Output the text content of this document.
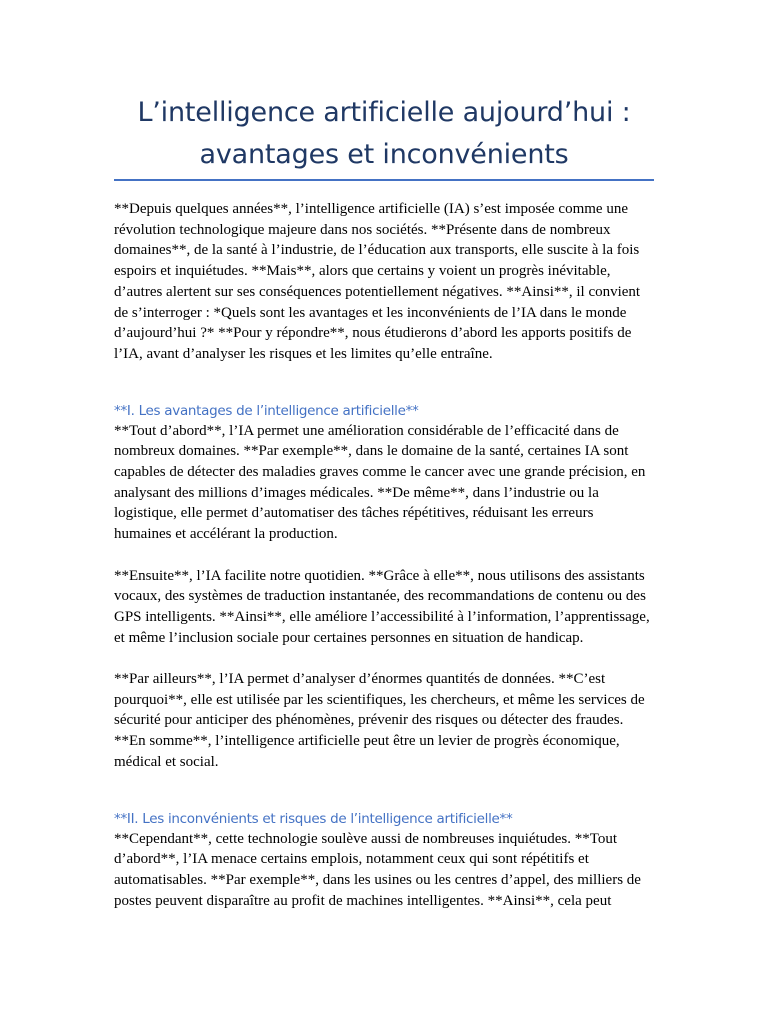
L’intelligence artificielle aujourd’hui :
avantages et inconvénients

**Depuis quelques années**, l’intelligence artificielle (IA) s’est imposée comme une révolution technologique majeure dans nos sociétés. **Présente dans de nombreux domaines**, de la santé à l’industrie, de l’éducation aux transports, elle suscite à la fois espoirs et inquiétudes. **Mais**, alors que certains y voient un progrès inévitable, d’autres alertent sur ses conséquences potentiellement négatives. **Ainsi**, il convient de s’interroger : *Quels sont les avantages et les inconvénients de l’IA dans le monde d’aujourd’hui ?* **Pour y répondre**, nous étudierons d’abord les apports positifs de l’IA, avant d’analyser les risques et les limites qu’elle entraîne.

**I. Les avantages de l’intelligence artificielle**

**Tout d’abord**, l’IA permet une amélioration considérable de l’efficacité dans de nombreux domaines. **Par exemple**, dans le domaine de la santé, certaines IA sont capables de détecter des maladies graves comme le cancer avec une grande précision, en analysant des millions d’images médicales. **De même**, dans l’industrie ou la logistique, elle permet d’automatiser des tâches répétitives, réduisant les erreurs humaines et accélérant la production.

**Ensuite**, l’IA facilite notre quotidien. **Grâce à elle**, nous utilisons des assistants vocaux, des systèmes de traduction instantanée, des recommandations de contenu ou des GPS intelligents. **Ainsi**, elle améliore l’accessibilité à l’information, l’apprentissage, et même l’inclusion sociale pour certaines personnes en situation de handicap.

**Par ailleurs**, l’IA permet d’analyser d’énormes quantités de données. **C’est pourquoi**, elle est utilisée par les scientifiques, les chercheurs, et même les services de sécurité pour anticiper des phénomènes, prévenir des risques ou détecter des fraudes. **En somme**, l’intelligence artificielle peut être un levier de progrès économique, médical et social.

**II. Les inconvénients et risques de l’intelligence artificielle**

**Cependant**, cette technologie soulève aussi de nombreuses inquiétudes. **Tout d’abord**, l’IA menace certains emplois, notamment ceux qui sont répétitifs et automatisables. **Par exemple**, dans les usines ou les centres d’appel, des milliers de postes peuvent disparaître au profit de machines intelligentes. **Ainsi**, cela peut
